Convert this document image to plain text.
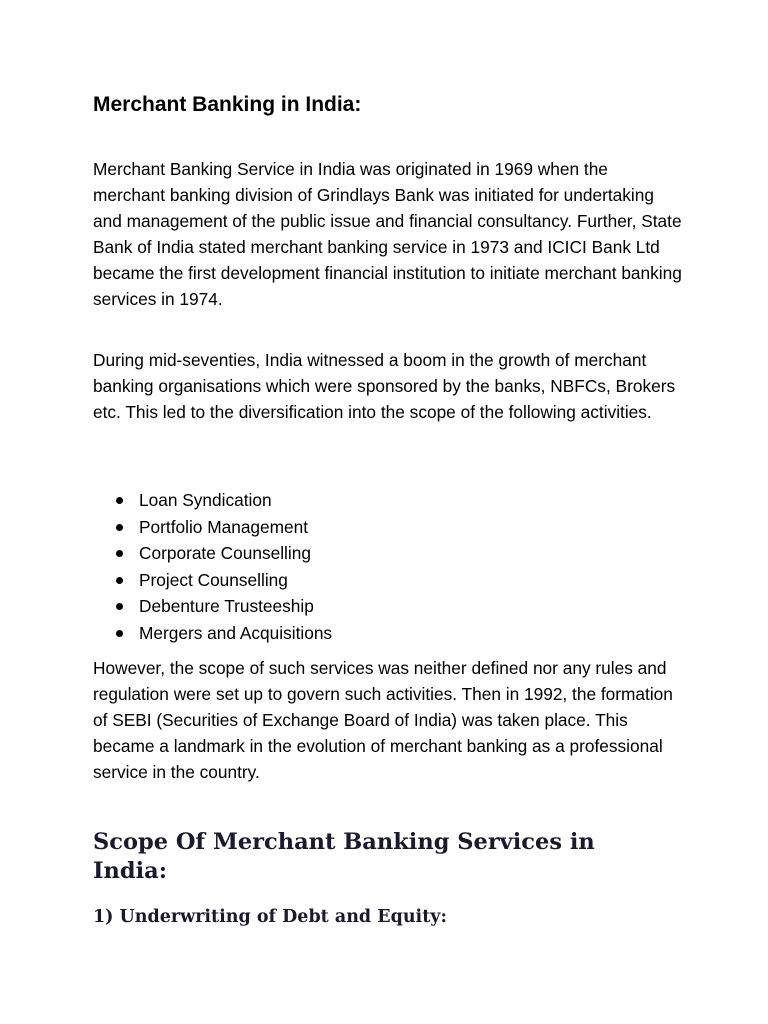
Merchant Banking in India:

Merchant Banking Service in India was originated in 1969 when the merchant banking division of Grindlays Bank was initiated for undertaking and management of the public issue and financial consultancy. Further, State Bank of India stated merchant banking service in 1973 and ICICI Bank Ltd became the first development financial institution to initiate merchant banking services in 1974.

During mid-seventies, India witnessed a boom in the growth of merchant banking organisations which were sponsored by the banks, NBFCs, Brokers etc. This led to the diversification into the scope of the following activities.

Loan Syndication
Portfolio Management
Corporate Counselling
Project Counselling
Debenture Trusteeship
Mergers and Acquisitions

However, the scope of such services was neither defined nor any rules and regulation were set up to govern such activities. Then in 1992, the formation of SEBI (Securities of Exchange Board of India) was taken place. This became a landmark in the evolution of merchant banking as a professional service in the country.

Scope Of Merchant Banking Services in India:
1) Underwriting of Debt and Equity:
